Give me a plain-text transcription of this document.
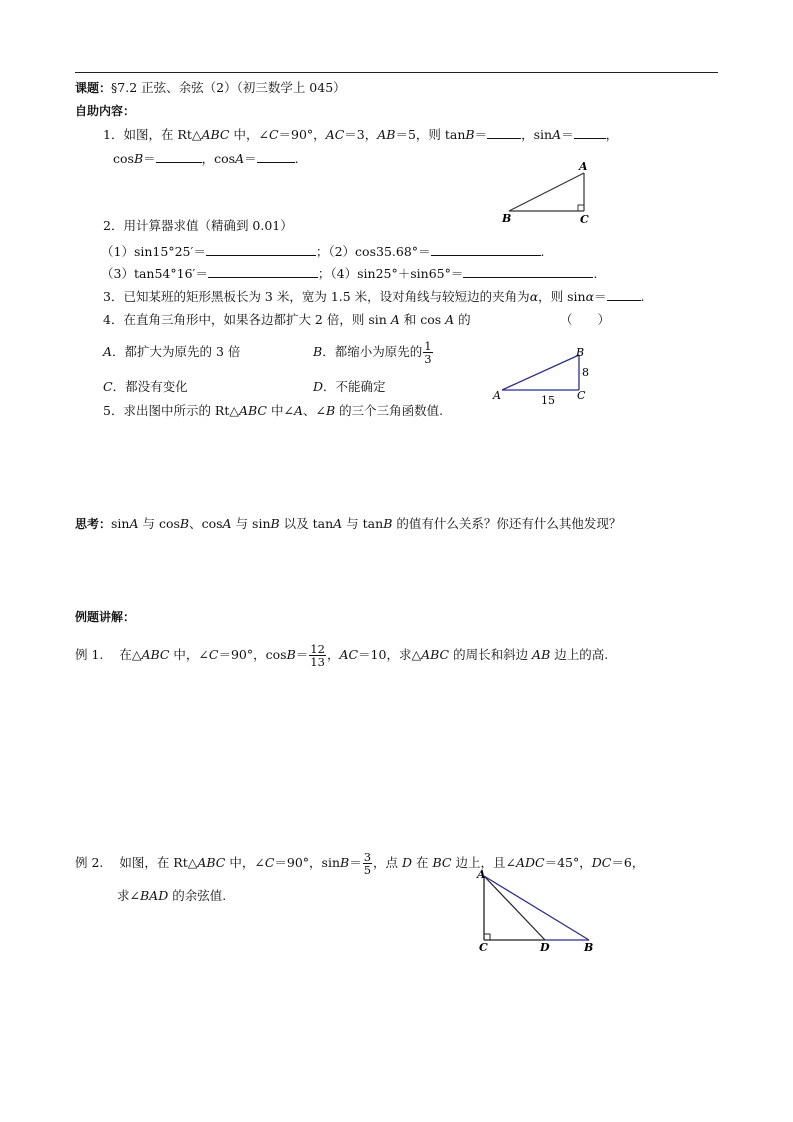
课题：§7.2 正弦、余弦（2）（初三数学上 045）
自助内容：
1．如图，在 Rt△ABC 中，∠C＝90°，AC＝3，AB＝5，则 tanB＝	，sinA＝	，
cosB＝	，cosA＝	.
A
B	C
2．用计算器求值（精确到 0.01）
（1）sin15°25′＝	；（2）cos35.68°＝	.
（3）tan54°16′＝	；（4）sin25°＋sin65°＝	.
3．已知某班的矩形黑板长为 3 米，宽为 1.5 米，设对角线与较短边的夹角为α，则 sinα＝	.
4．在直角三角形中，如果各边都扩大 2 倍，则 sin A 和 cos A 的	（　　）
A．都扩大为原先的 3 倍	B．都缩小为原先的 $\frac{1}{3}$
C．都没有变化	D．不能确定
B
A	C
8
15
5．求出图中所示的 Rt△ABC 中∠A、∠B 的三个三角函数值.
思考：sinA 与 cosB、cosA 与 sinB 以及 tanA 与 tanB 的值有什么关系？你还有什么其他发现？
例题讲解：
例 1. 在△ABC 中，∠C＝90°，$\cos B= \frac{12}{13}$ ，AC＝10，求△ABC 的周长和斜边 AB 边上的高.
例 2. 如图，在 Rt△ABC 中，∠C＝90°，$\sin B= \frac{3}{5}$ ，点 D 在 BC 边上，且∠ADC＝45°，DC＝6，
求∠BAD 的余弦值.
A
C	D	B
